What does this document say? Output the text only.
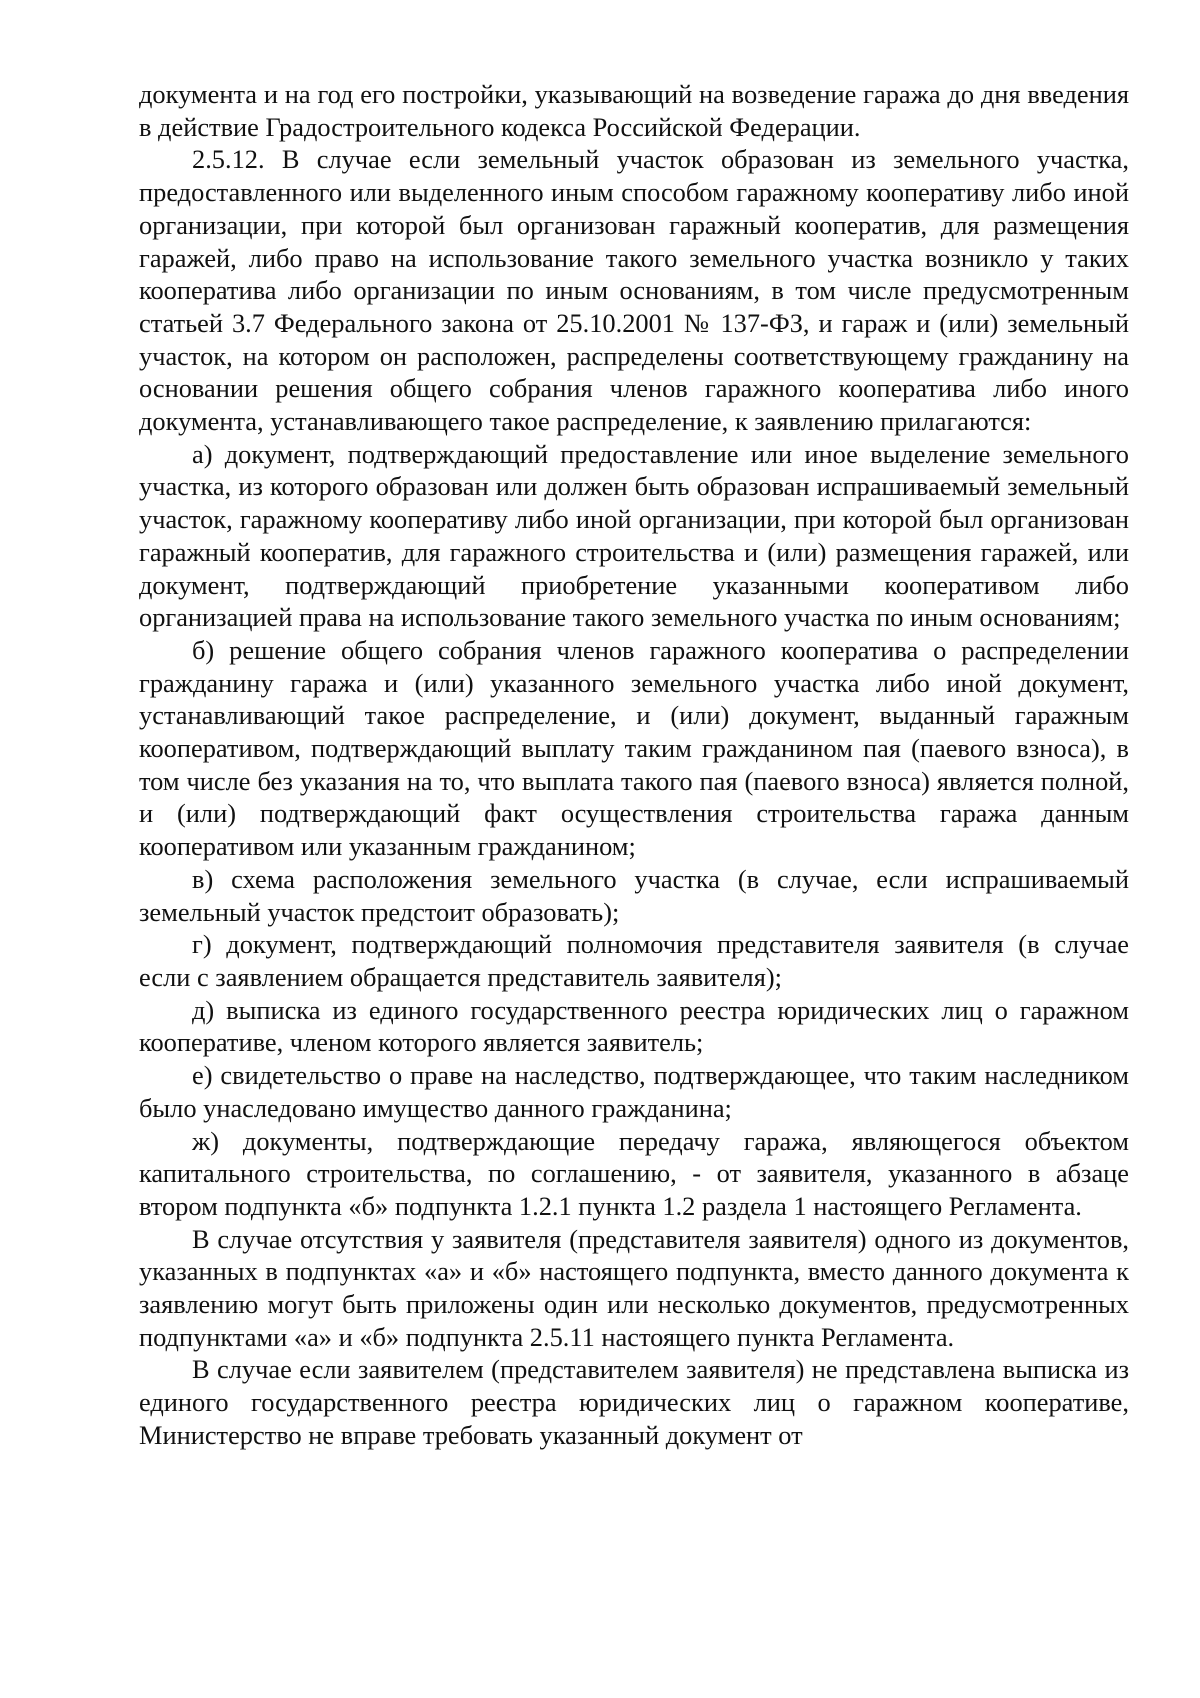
документа и на год его постройки, указывающий на возведение гаража до дня введения в действие Градостроительного кодекса Российской Федерации.

2.5.12. В случае если земельный участок образован из земельного участка, предоставленного или выделенного иным способом гаражному кооперативу либо иной организации, при которой был организован гаражный кооператив, для размещения гаражей, либо право на использование такого земельного участка возникло у таких кооператива либо организации по иным основаниям, в том числе предусмотренным статьей 3.7 Федерального закона от 25.10.2001 № 137-ФЗ, и гараж и (или) земельный участок, на котором он расположен, распределены соответствующему гражданину на основании решения общего собрания членов гаражного кооператива либо иного документа, устанавливающего такое распределение, к заявлению прилагаются:

а) документ, подтверждающий предоставление или иное выделение земельного участка, из которого образован или должен быть образован испрашиваемый земельный участок, гаражному кооперативу либо иной организации, при которой был организован гаражный кооператив, для гаражного строительства и (или) размещения гаражей, или документ, подтверждающий приобретение указанными кооперативом либо организацией права на использование такого земельного участка по иным основаниям;

б) решение общего собрания членов гаражного кооператива о распределении гражданину гаража и (или) указанного земельного участка либо иной документ, устанавливающий такое распределение, и (или) документ, выданный гаражным кооперативом, подтверждающий выплату таким гражданином пая (паевого взноса), в том числе без указания на то, что выплата такого пая (паевого взноса) является полной, и (или) подтверждающий факт осуществления строительства гаража данным кооперативом или указанным гражданином;

в) схема расположения земельного участка (в случае, если испрашиваемый земельный участок предстоит образовать);

г) документ, подтверждающий полномочия представителя заявителя (в случае если с заявлением обращается представитель заявителя);

д) выписка из единого государственного реестра юридических лиц о гаражном кооперативе, членом которого является заявитель;

е) свидетельство о праве на наследство, подтверждающее, что таким наследником было унаследовано имущество данного гражданина;

ж) документы, подтверждающие передачу гаража, являющегося объектом капитального строительства, по соглашению, - от заявителя, указанного в абзаце втором подпункта «б» подпункта 1.2.1 пункта 1.2 раздела 1 настоящего Регламента.

В случае отсутствия у заявителя (представителя заявителя) одного из документов, указанных в подпунктах «а» и «б» настоящего подпункта, вместо данного документа к заявлению могут быть приложены один или несколько документов, предусмотренных подпунктами «а» и «б» подпункта 2.5.11 настоящего пункта Регламента.

В случае если заявителем (представителем заявителя) не представлена выписка из единого государственного реестра юридических лиц о гаражном кооперативе, Министерство не вправе требовать указанный документ от
